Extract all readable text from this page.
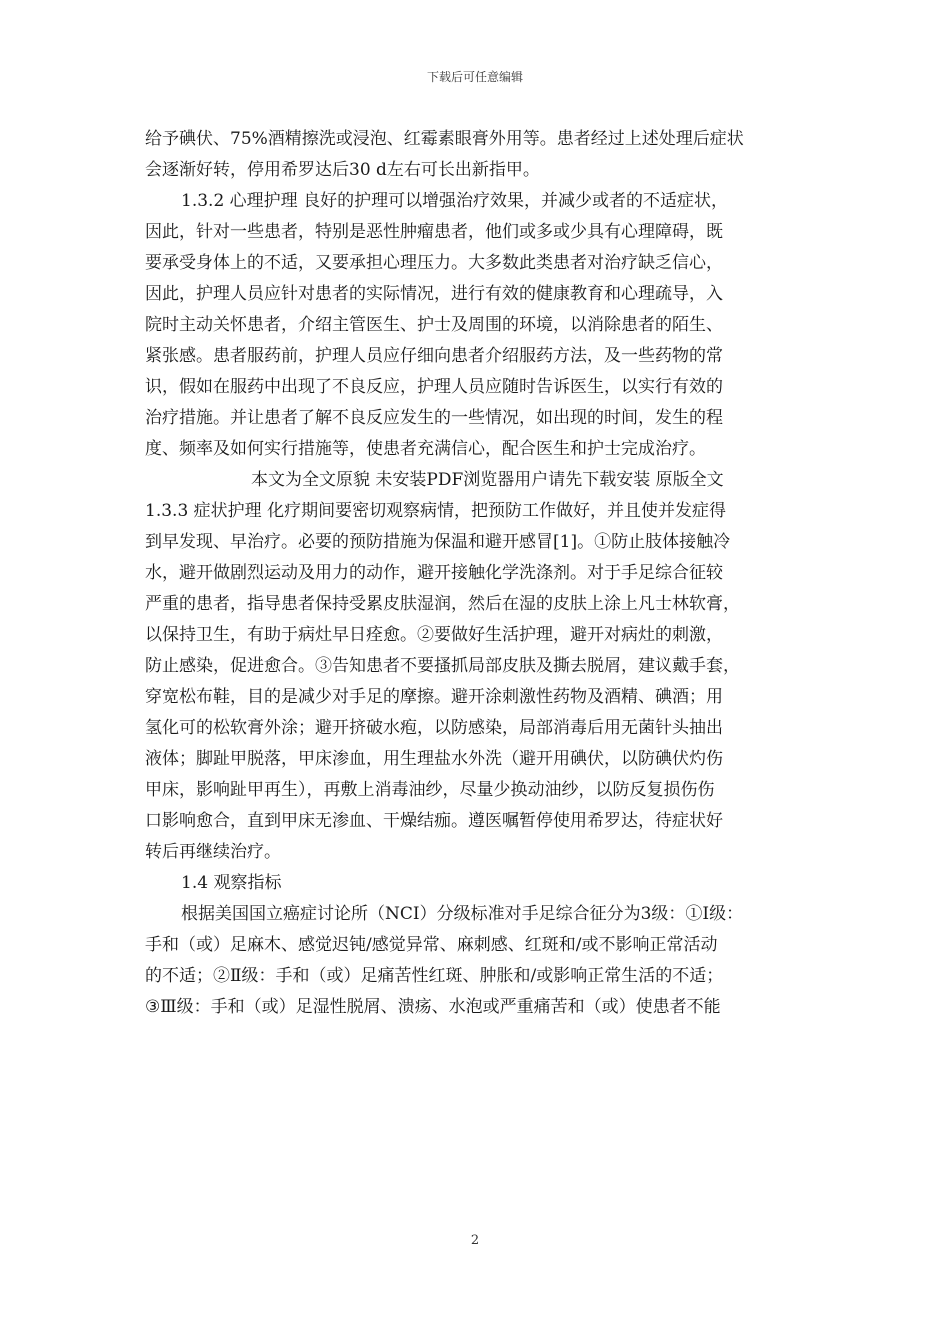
下载后可任意编辑
给予碘伏、75%酒精擦洗或浸泡、红霉素眼膏外用等。患者经过上述处理后症状
会逐渐好转，停用希罗达后30 d左右可长出新指甲。
1.3.2 心理护理 良好的护理可以增强治疗效果，并减少或者的不适症状，
因此，针对一些患者，特别是恶性肿瘤患者，他们或多或少具有心理障碍，既
要承受身体上的不适，又要承担心理压力。大多数此类患者对治疗缺乏信心，
因此，护理人员应针对患者的实际情况，进行有效的健康教育和心理疏导，入
院时主动关怀患者，介绍主管医生、护士及周围的环境，以消除患者的陌生、
紧张感。患者服药前，护理人员应仔细向患者介绍服药方法，及一些药物的常
识，假如在服药中出现了不良反应，护理人员应随时告诉医生，以实行有效的
治疗措施。并让患者了解不良反应发生的一些情况，如出现的时间，发生的程
度、频率及如何实行措施等，使患者充满信心，配合医生和护士完成治疗。
本文为全文原貌 未安装PDF浏览器用户请先下载安装 原版全文
1.3.3 症状护理 化疗期间要密切观察病情，把预防工作做好，并且使并发症得
到早发现、早治疗。必要的预防措施为保温和避开感冒[1]。①防止肢体接触冷
水，避开做剧烈运动及用力的动作，避开接触化学洗涤剂。对于手足综合征较
严重的患者，指导患者保持受累皮肤湿润，然后在湿的皮肤上涂上凡士林软膏，
以保持卫生，有助于病灶早日痊愈。②要做好生活护理，避开对病灶的刺激，
防止感染，促进愈合。③告知患者不要搔抓局部皮肤及撕去脱屑，建议戴手套，
穿宽松布鞋，目的是减少对手足的摩擦。避开涂刺激性药物及酒精、碘酒；用
氢化可的松软膏外涂；避开挤破水疱，以防感染，局部消毒后用无菌针头抽出
液体；脚趾甲脱落，甲床渗血，用生理盐水外洗（避开用碘伏，以防碘伏灼伤
甲床，影响趾甲再生），再敷上消毒油纱，尽量少换动油纱，以防反复损伤伤
口影响愈合，直到甲床无渗血、干燥结痂。遵医嘱暂停使用希罗达，待症状好
转后再继续治疗。
1.4 观察指标
根据美国国立癌症讨论所（NCI）分级标准对手足综合征分为3级：①Ⅰ级：
手和（或）足麻木、感觉迟钝/感觉异常、麻刺感、红斑和/或不影响正常活动
的不适；②Ⅱ级：手和（或）足痛苦性红斑、肿胀和/或影响正常生活的不适；
③Ⅲ级：手和（或）足湿性脱屑、溃疡、水泡或严重痛苦和（或）使患者不能
2
